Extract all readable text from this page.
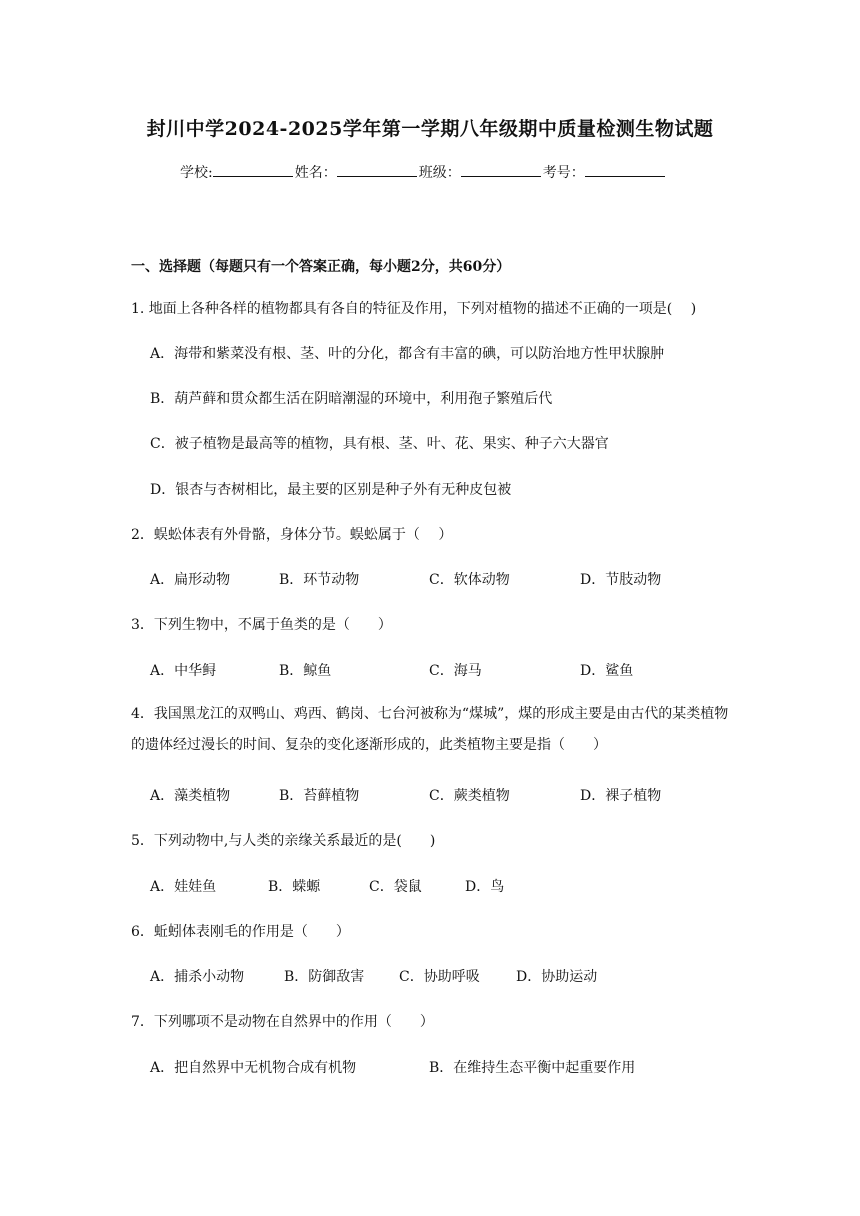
封川中学2024-2025学年第一学期八年级期中质量检测生物试题
学校:	姓名：	班级：	考号：
一、选择题（每题只有一个答案正确，每小题2分，共60分）
1. 地面上各种各样的植物都具有各自的特征及作用，下列对植物的描述不正确的一项是(　 )
A．海带和紫菜没有根、茎、叶的分化，都含有丰富的碘，可以防治地方性甲状腺肿
B．葫芦藓和贯众都生活在阴暗潮湿的环境中，利用孢子繁殖后代
C．被子植物是最高等的植物，具有根、茎、叶、花、果实、种子六大器官
D．银杏与杏树相比，最主要的区别是种子外有无种皮包被
2．蜈蚣体表有外骨骼，身体分节。蜈蚣属于（　 ）
A．扁形动物	B．环节动物	C．软体动物	D．节肢动物
3．下列生物中，不属于鱼类的是（　　）
A．中华鲟	B．鲸鱼	C．海马	D．鲨鱼
4．我国黑龙江的双鸭山、鸡西、鹤岗、七台河被称为“煤城”，煤的形成主要是由古代的某类植物的遗体经过漫长的时间、复杂的变化逐渐形成的，此类植物主要是指（　　）
A．藻类植物	B．苔藓植物	C．蕨类植物	D．裸子植物
5．下列动物中,与人类的亲缘关系最近的是(　　)
A．娃娃鱼	B．蝾螈	C．袋鼠	D．鸟
6．蚯蚓体表刚毛的作用是（　　）
A．捕杀小动物	B．防御敌害 C．协助呼吸	D．协助运动
7．下列哪项不是动物在自然界中的作用（　　）
A．把自然界中无机物合成有机物	B．在维持生态平衡中起重要作用
